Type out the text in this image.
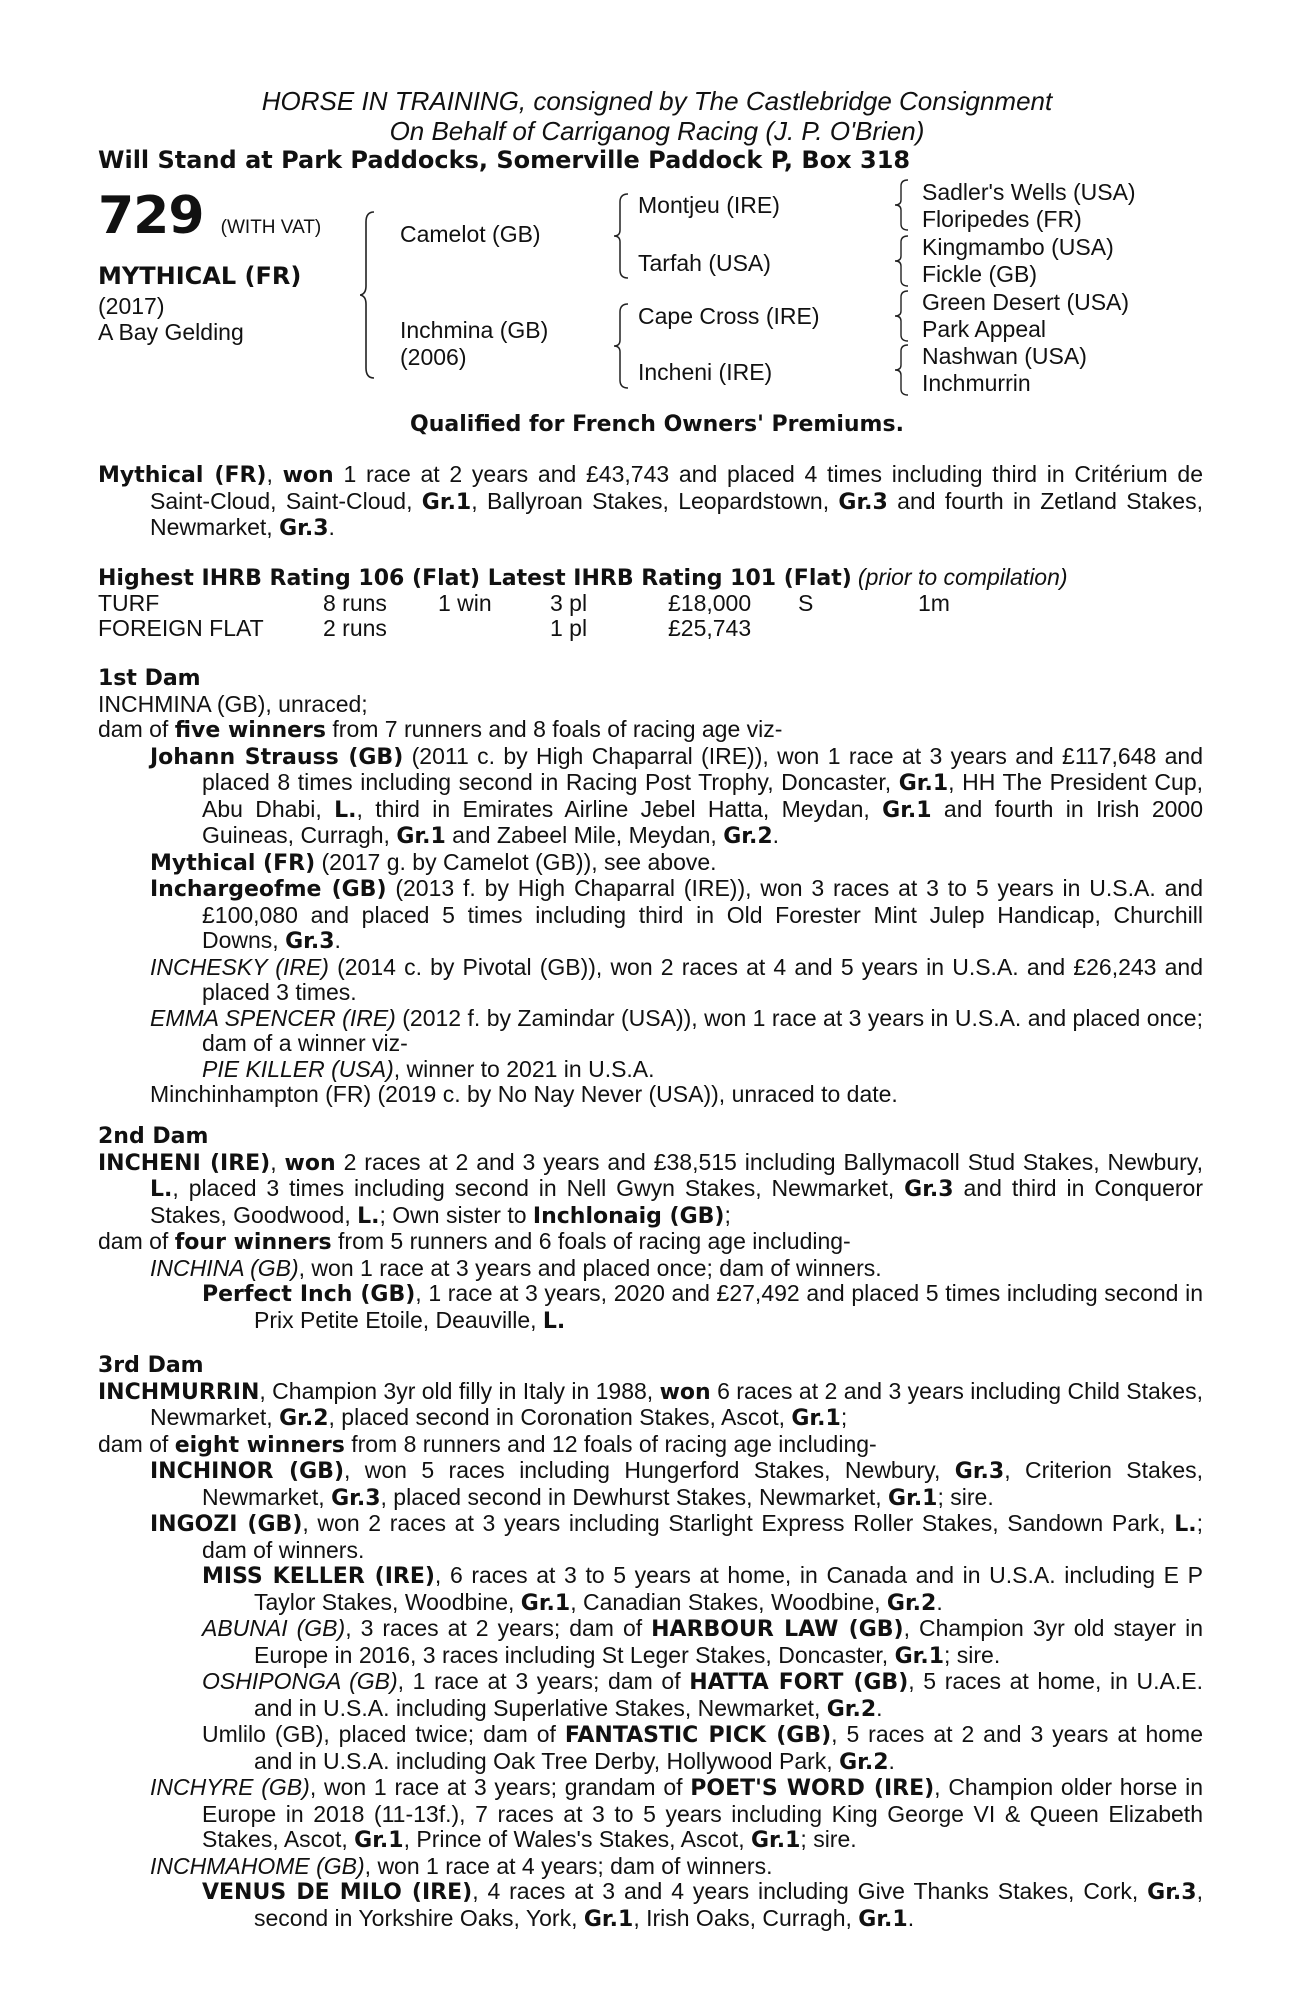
HORSE IN TRAINING, consigned by The Castlebridge Consignment
On Behalf of Carriganog Racing (J. P. O'Brien)
Will Stand at Park Paddocks, Somerville Paddock P, Box 318
729 (WITH VAT)
MYTHICAL (FR)
(2017)
A Bay Gelding
Camelot (GB)
Inchmina (GB)
(2006)
Montjeu (IRE)
Tarfah (USA)
Cape Cross (IRE)
Incheni (IRE)
Sadler's Wells (USA)
Floripedes (FR)
Kingmambo (USA)
Fickle (GB)
Green Desert (USA)
Park Appeal
Nashwan (USA)
Inchmurrin
Qualified for French Owners' Premiums.

Mythical (FR), won 1 race at 2 years and £43,743 and placed 4 times including third in Critérium de Saint-Cloud, Saint-Cloud, Gr.1, Ballyroan Stakes, Leopardstown, Gr.3 and fourth in Zetland Stakes, Newmarket, Gr.3.

Highest IHRB Rating 106 (Flat) Latest IHRB Rating 101 (Flat) (prior to compilation)
TURF	8 runs	1 win	3 pl	£18,000	S	1m
FOREIGN FLAT	2 runs		1 pl	£25,743		

1st Dam

INCHMINA (GB), unraced;

dam of five winners from 7 runners and 8 foals of racing age viz-

Johann Strauss (GB) (2011 c. by High Chaparral (IRE)), won 1 race at 3 years and £117,648 and placed 8 times including second in Racing Post Trophy, Doncaster, Gr.1, HH The President Cup, Abu Dhabi, L., third in Emirates Airline Jebel Hatta, Meydan, Gr.1 and fourth in Irish 2000 Guineas, Curragh, Gr.1 and Zabeel Mile, Meydan, Gr.2.

Mythical (FR) (2017 g. by Camelot (GB)), see above.

Inchargeofme (GB) (2013 f. by High Chaparral (IRE)), won 3 races at 3 to 5 years in U.S.A. and £100,080 and placed 5 times including third in Old Forester Mint Julep Handicap, Churchill Downs, Gr.3.

INCHESKY (IRE) (2014 c. by Pivotal (GB)), won 2 races at 4 and 5 years in U.S.A. and £26,243 and placed 3 times.

EMMA SPENCER (IRE) (2012 f. by Zamindar (USA)), won 1 race at 3 years in U.S.A. and placed once; dam of a winner viz-

PIE KILLER (USA), winner to 2021 in U.S.A.

Minchinhampton (FR) (2019 c. by No Nay Never (USA)), unraced to date.

2nd Dam

INCHENI (IRE), won 2 races at 2 and 3 years and £38,515 including Ballymacoll Stud Stakes, Newbury, L., placed 3 times including second in Nell Gwyn Stakes, Newmarket, Gr.3 and third in Conqueror Stakes, Goodwood, L.; Own sister to Inchlonaig (GB);

dam of four winners from 5 runners and 6 foals of racing age including-

INCHINA (GB), won 1 race at 3 years and placed once; dam of winners.

Perfect Inch (GB), 1 race at 3 years, 2020 and £27,492 and placed 5 times including second in Prix Petite Etoile, Deauville, L.

3rd Dam

INCHMURRIN, Champion 3yr old filly in Italy in 1988, won 6 races at 2 and 3 years including Child Stakes, Newmarket, Gr.2, placed second in Coronation Stakes, Ascot, Gr.1;

dam of eight winners from 8 runners and 12 foals of racing age including-

INCHINOR (GB), won 5 races including Hungerford Stakes, Newbury, Gr.3, Criterion Stakes, Newmarket, Gr.3, placed second in Dewhurst Stakes, Newmarket, Gr.1; sire.

INGOZI (GB), won 2 races at 3 years including Starlight Express Roller Stakes, Sandown Park, L.; dam of winners.

MISS KELLER (IRE), 6 races at 3 to 5 years at home, in Canada and in U.S.A. including E P Taylor Stakes, Woodbine, Gr.1, Canadian Stakes, Woodbine, Gr.2.

ABUNAI (GB), 3 races at 2 years; dam of HARBOUR LAW (GB), Champion 3yr old stayer in Europe in 2016, 3 races including St Leger Stakes, Doncaster, Gr.1; sire.

OSHIPONGA (GB), 1 race at 3 years; dam of HATTA FORT (GB), 5 races at home, in U.A.E. and in U.S.A. including Superlative Stakes, Newmarket, Gr.2.

Umlilo (GB), placed twice; dam of FANTASTIC PICK (GB), 5 races at 2 and 3 years at home and in U.S.A. including Oak Tree Derby, Hollywood Park, Gr.2.

INCHYRE (GB), won 1 race at 3 years; grandam of POET'S WORD (IRE), Champion older horse in Europe in 2018 (11-13f.), 7 races at 3 to 5 years including King George VI & Queen Elizabeth Stakes, Ascot, Gr.1, Prince of Wales's Stakes, Ascot, Gr.1; sire.

INCHMAHOME (GB), won 1 race at 4 years; dam of winners.

VENUS DE MILO (IRE), 4 races at 3 and 4 years including Give Thanks Stakes, Cork, Gr.3, second in Yorkshire Oaks, York, Gr.1, Irish Oaks, Curragh, Gr.1.
